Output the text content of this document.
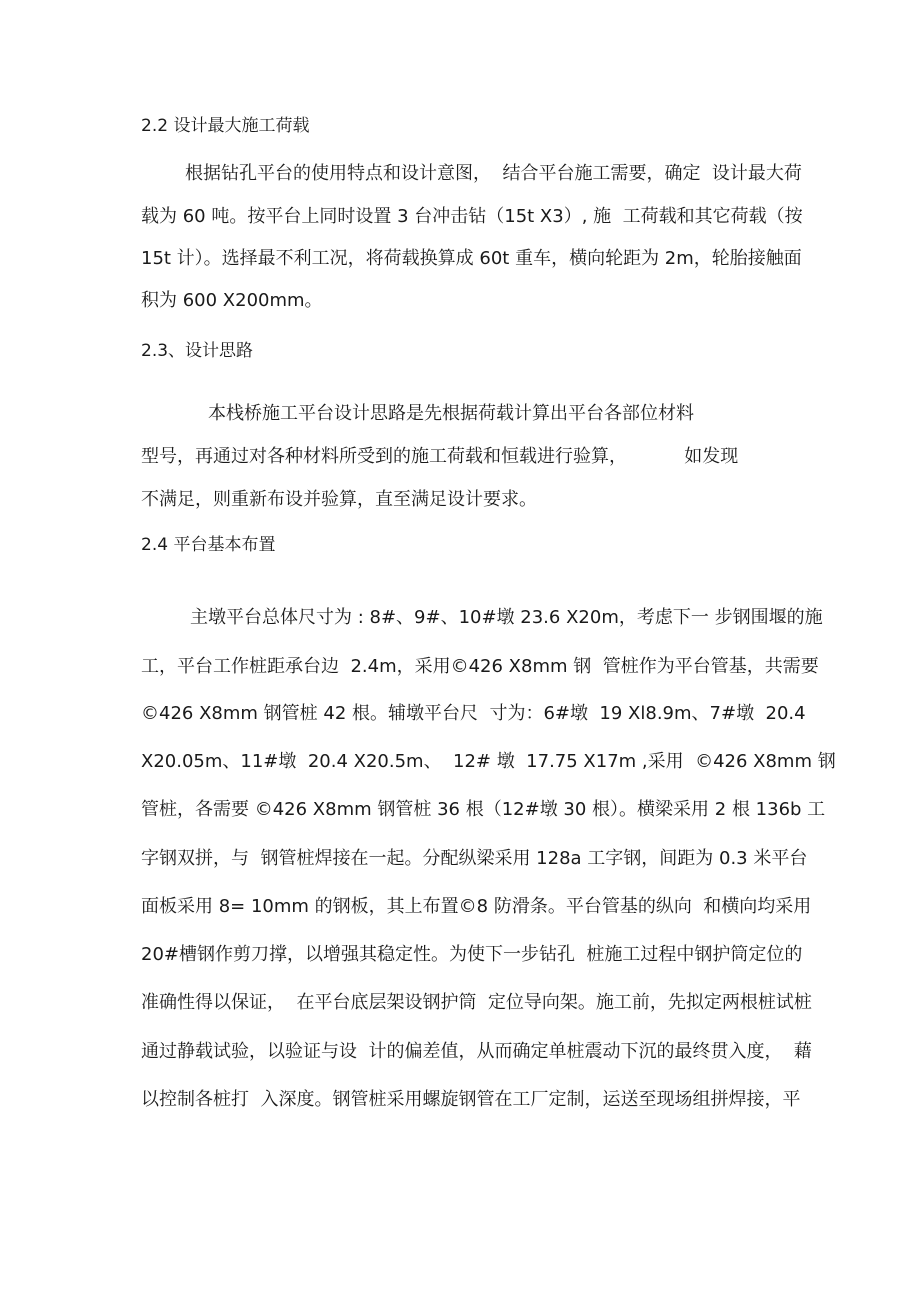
2.2 设计最大施工荷载
根据钻孔平台的使用特点和设计意图，  结合平台施工需要，确定  设计最大荷
载为 60 吨。按平台上同时设置 3 台冲击钻（15t X3）, 施  工荷载和其它荷载（按
15t 计）。选择最不利工况，将荷载换算成 60t 重车，横向轮距为 2m，轮胎接触面
积为 600 X200mm。
2.3、设计思路
本栈桥施工平台设计思路是先根据荷载计算出平台各部位材料
型号，再通过对各种材料所受到的施工荷载和恒载进行验算，          如发现
不满足，则重新布设并验算，直至满足设计要求。
2.4 平台基本布置
主墩平台总体尺寸为 : 8#、9#、10#墩 23.6 X20m，考虑下一 步钢围堰的施
工，平台工作桩距承台边  2.4m，采用©426 X8mm 钢  管桩作为平台管基，共需要
©426 X8mm 钢管桩 42 根。辅墩平台尺  寸为：6#墩  19 Xl8.9m、7#墩  20.4
X20.05m、11#墩  20.4 X20.5m、  12# 墩  17.75 X17m ,采用  ©426 X8mm 钢
管桩，各需要 ©426 X8mm 钢管桩 36 根（12#墩 30 根）。横梁采用 2 根 136b 工
字钢双拼，与  钢管桩焊接在一起。分配纵梁采用 128a 工字钢，间距为 0.3 米平台
面板采用 8= 10mm 的钢板，其上布置©8 防滑条。平台管基的纵向  和横向均采用
20#槽钢作剪刀撑，以增强其稳定性。为使下一步钻孔  桩施工过程中钢护筒定位的
准确性得以保证，  在平台底层架设钢护筒  定位导向架。施工前，先拟定两根桩试桩
通过静载试验，以验证与设  计的偏差值，从而确定单桩震动下沉的最终贯入度，  藉
以控制各桩打  入深度。钢管桩采用螺旋钢管在工厂定制，运送至现场组拼焊接，平
